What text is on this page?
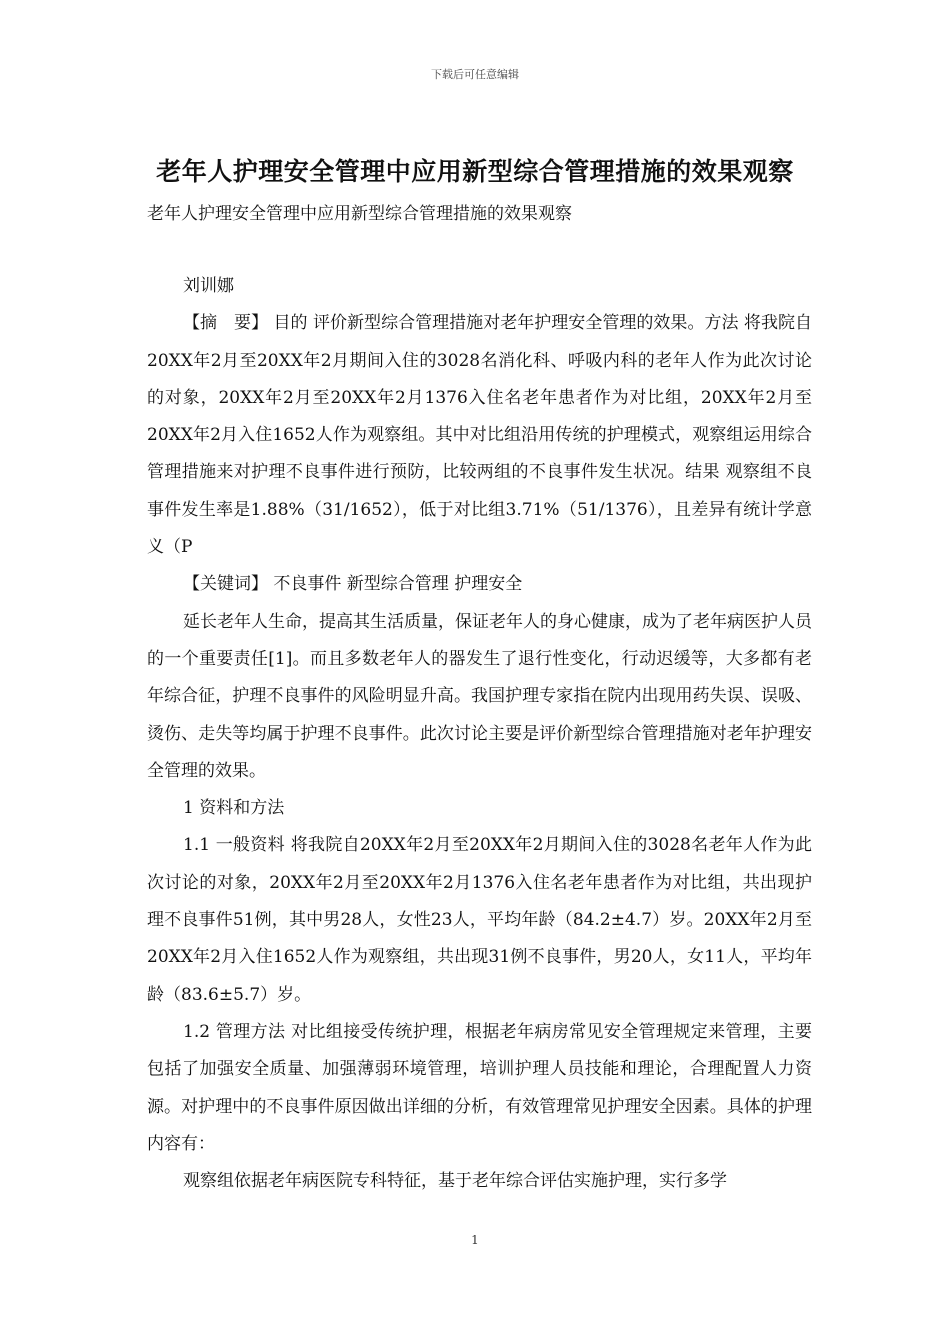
下载后可任意编辑
老年人护理安全管理中应用新型综合管理措施的效果观察
老年人护理安全管理中应用新型综合管理措施的效果观察

刘训娜

【摘　要】 目的 评价新型综合管理措施对老年护理安全管理的效果。方法 将我院自20XX年2月至20XX年2月期间入住的3028名消化科、呼吸内科的老年人作为此次讨论的对象，20XX年2月至20XX年2月1376入住名老年患者作为对比组，20XX年2月至20XX年2月入住1652人作为观察组。其中对比组沿用传统的护理模式，观察组运用综合管理措施来对护理不良事件进行预防，比较两组的不良事件发生状况。结果 观察组不良事件发生率是1.88%（31/1652），低于对比组3.71%（51/1376），且差异有统计学意义（P

【关键词】 不良事件 新型综合管理 护理安全

延长老年人生命，提高其生活质量，保证老年人的身心健康，成为了老年病医护人员的一个重要责任[1]。而且多数老年人的器发生了退行性变化，行动迟缓等，大多都有老年综合征，护理不良事件的风险明显升高。我国护理专家指在院内出现用药失误、误吸、烫伤、走失等均属于护理不良事件。此次讨论主要是评价新型综合管理措施对老年护理安全管理的效果。

1 资料和方法

1.1 一般资料 将我院自20XX年2月至20XX年2月期间入住的3028名老年人作为此次讨论的对象，20XX年2月至20XX年2月1376入住名老年患者作为对比组，共出现护理不良事件51例，其中男28人，女性23人，平均年龄（84.2±4.7）岁。20XX年2月至20XX年2月入住1652人作为观察组，共出现31例不良事件，男20人，女11人，平均年龄（83.6±5.7）岁。

1.2 管理方法 对比组接受传统护理，根据老年病房常见安全管理规定来管理，主要包括了加强安全质量、加强薄弱环境管理，培训护理人员技能和理论，合理配置人力资源。对护理中的不良事件原因做出详细的分析，有效管理常见护理安全因素。具体的护理内容有：

观察组依据老年病医院专科特征，基于老年综合评估实施护理，实行多学

1
